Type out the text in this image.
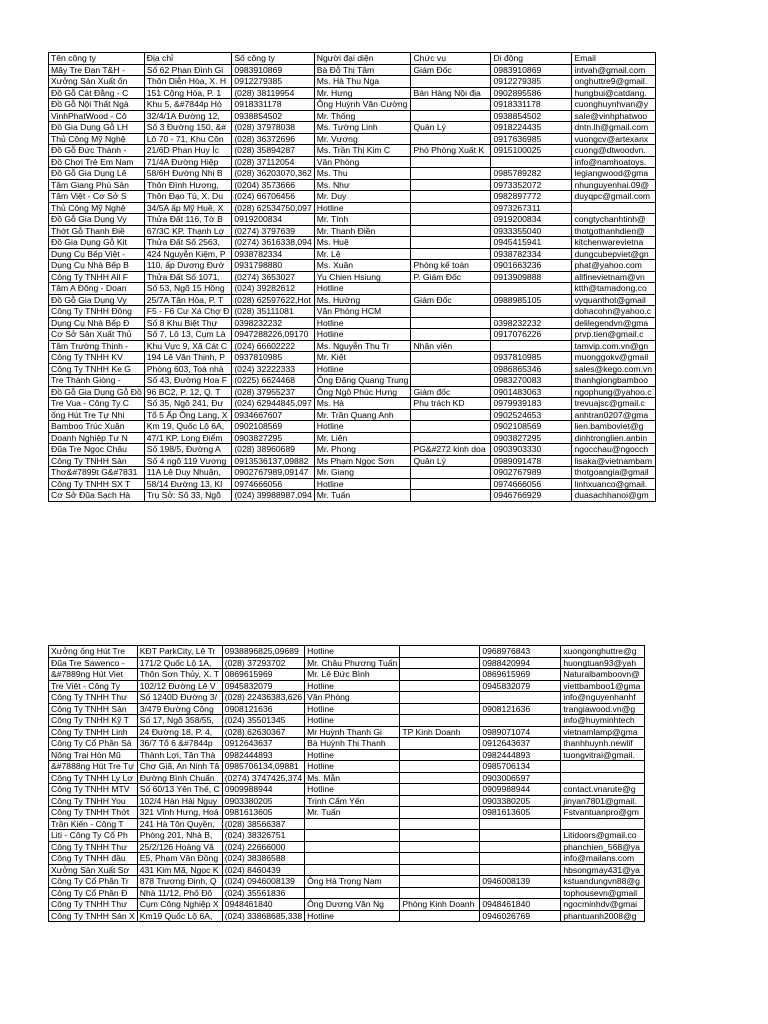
Tên công ty	Địa chỉ	Số công ty	Người đại diện	Chức vụ	Di động	Email
Mây Tre Đan T&H -	Số 62 Phan Đình Gi	0983910869	Bà Đỗ Thị Tâm	Giám Đốc	0983910869	intvah@gmail.com
Xưởng Sản Xuất ốn	Thôn Diễn Hòa, X. H	0912279385	Ms. Hà Thu Nga		0912279385	onghuttre9@gmail.
Đồ Gỗ Cát Đằng - C	151 Cộng Hòa, P. 1	(028) 38119954	Mr. Hưng	Bán Hàng Nội địa	0902895586	hungbui@catdang.
Đồ Gỗ Nội Thất Ngà	Khu 5, &#7844p Hò	0918331178	Ông Huỳnh Văn Cường		0918331178	cuonghuynhvan@y
VinhPhatWood - Cô	32/4/1A Đường 12,	0938854502	Mr. Thống		0938854502	sale@vinhphatwoo
Đồ Gia Dụng Gỗ LH	Số 3 Đường 150, &#	(028) 37978038	Ms. Tường Linh	Quản Lý	0918224435	dntn.lh@gmail.com
Thủ Công Mỹ Nghệ	Lô 70 - 71, Khu Côn	(028) 36372696	Mr. Vương		0917636985	vuongcv@artexanx
Đồ Gỗ Đức Thành -	21/6D Phan Huy Íc	(028) 35894287	Ms. Trần Thị Kim C	Phó Phòng Xuất K	0915100025	cuong@dtwoodvn.
Đồ Chơi Trẻ Em Nam	71/4A Đường Hiệp	(028) 37112054	Văn Phòng			info@namhoatoys.
Đồ Gỗ Gia Dụng Lê	58/6H Đường Nhị B	(028) 36203070,362	Ms. Thu		0985789282	legiangwood@gma
Tâm Giang Phú Sản	Thôn Đình Hương,	(0204) 3573666	Ms. Như		0973352072	nhunguyenhai.09@
Tâm Việt - Cơ Sở S	Thôn Đạo Tú, X. Du	(024) 66706456	Mr. Duy		0982897772	duyqpc@gmail.com
Thủ Công Mỹ Nghệ	34/5A ấp Mỹ Huề, X	(028) 62534750,097	Hotline		0973267311	
Đồ Gỗ Gia Dụng Vy	Thửa Đất 116, Tờ B	0919200834	Mr. Tính		0919200834	congtychanhtinh@
Thớt Gỗ Thanh Điề	67/3C KP. Thạnh Lợ	(0274) 3797639	Mr. Thanh Điền		0933355040	thotgothanhdien@
Đồ Gia Dụng Gỗ Kit	Thửa Đất Số 2563,	(0274) 3616338,094	Ms. Huệ		0945415941	kitchenwarevietna
Dụng Cụ Bếp Việt -	424 Nguyễn Kiệm, P	0938782334	Mr. Lệ		0938782334	dungcubepviet@gn
Dụng Cụ Nhà Bếp B	110, ấp Dương Đườ	0931798880	Ms. Xuân	Phòng kế toán	0901663236	phat@yahoo.com
Công Ty TNHH All F	Thửa Đất Số 1071,	(0274) 3653027	Yu Chien Hsiung	P. Giám Đốc	0913909888	allfinevietnam@vn
Tâm A Đông - Doan	Số 53, Ngõ 15 Hồng	(024) 39282612	Hotline			ktth@tamadong.co
Đồ Gỗ Gia Dụng Vy	25/7A Tân Hòa, P. T	(028) 62597622,Hot	Ms. Hường	Giám Đốc	0988985105	vyquanthot@gmail
Công Ty TNHH Đông	F5 - F6 Cư Xá Chợ Đ	(028) 35111081	Văn Phòng HCM			dohacohn@yahoo.c
Dụng Cụ Nhà Bếp Đ	Số 8 Khu Biệt Thự	0398232232	Hotline		0398232232	delilegendvn@gma
Cơ Sở Sản Xuất Thủ	Số 7, Lô 13, Cụm Là	0947288226,09170	Hotline		0917076226	prvp.tien@gmail.c
Tâm Trường Thịnh -	Khu Vực 9, Xã Cát C	(024) 66602222	Ms. Nguyễn Thu Tr	Nhân viên		tamvip.com.vn@gn
Công Ty TNHH KV	194 Lê Văn Thịnh, P	0937810985	Mr. Kiệt		0937810985	muonggokv@gmail
Công Ty TNHH Ke G	Phòng 603, Toà nhà	(024) 32222333	Hotline		0986865346	sales@kego.com.vn
Tre Thành Giòng -	Số 43, Đường Hoa F	(0225) 6624468	Ông Đặng Quang Trung		0983270083	thanhgiongbamboo
Đồ Gỗ Gia Dụng Gỗ Đồ	96 BC2, P. 12, Q. T	(028) 37955237	Ông Ngô Phúc Hưng	Giám đốc	0901483063	ngophung@yahoo.c
Tre Vua - Công Ty C	Số 35, Ngõ 241, Đư	(024) 62944845,097	Ms. Hà	Phụ trách KD	0979939183	trevuajsc@gmail.c
ống Hút Tre Tự Nhi	Tổ 5 Ấp Ông Lang, X	0934667607	Mr. Trần Quang Anh		0902524653	anhtran0207@gma
Bamboo Trúc Xuân	Km 19, Quốc Lộ 6A,	0902108569	Hotline		0902108569	lien.bamboviet@g
Doanh Nghiệp Tư N	47/1 KP. Long Điểm	0903827295	Mr. Liên		0903827295	dinhtronglien.anbin
Đũa Tre Ngọc Châu	Số 198/5, Đường A	(028) 38960689	Mr. Phong	PG&#272 kinh doa	0903903330	ngocchau@ngocch
Công Ty TNHH Sản	Số 4 ngõ 119 Vương	0913536137,09882	Ms Phạm Ngọc Sơn	Quản Lý	0989091478	lisaka@vietnambam
Thơ&#7899t G&#7831	11A Lê Duy Nhuận,	0902767989,09147	Mr. Giang		0902767989	thotgoangia@gmail
Công Ty TNHH SX T	58/14 Đường 13, Kl	0974666056	Hotline		0974666056	linhxuanco@gmail.
Cơ Sở Đũa Sạch Hà	Trụ Sở: Số 33, Ngõ	(024) 39988987,094	Mr. Tuấn		0946766929	duasachhanoi@gm
Xưởng ống Hút Tre	KĐT ParkCity, Lê Tr	0938896825,09689	Hotline		0968976843	xuongonghuttre@g
Đũa Tre Sawenco -	171/2 Quốc Lộ 1A,	(028) 37293702	Mr. Châu Phương Tuấn		0988420994	huongtuan93@yah
&#7889ng Hút Viet	Thôn Sơn Thủy, X. T	0869615969	Mr. Lê Đức Bình		0869615969	Naturalbamboovn@
Tre Việt - Công Ty	102/12 Đường Lê V	0945832079	Hotline		0945832079	viettbamboo1@gma
Công Ty TNHH Thư	Số 1240D Đường 3/	(028) 22436383,626	Văn Phòng			info@nguyenhanhf
Công Ty TNHH Sản	3/479 Đường Công	0908121636	Hotline		0908121636	trangiawood.vn@g
Công Ty TNHH Kỹ T	Số 17, Ngõ 358/55,	(024) 35501345	Hotline			info@huyminhtech
Công Ty TNHH Linh	24 Đường 18, P. 4,	(028) 62630367	Mr Huỳnh Thanh Gi	TP Kinh Doanh	0989071074	vietnamlamp@gma
Công Ty Cổ Phần Sả	36/7 Tổ 6 &#7844p	0912643637	Bà Huỳnh Thị Thanh		0912643637	thanhhuynh.newlif
Nông Trại Hòn Mũ	Thành Lợi, Tân Thà	0982444893	Hotline		0982444893	tuongvitrai@gmail.
&#7888ng Hút Tre Tự	Chợ Giã, An Ninh Tâ	0985706134,09881	Hotline		0985706134	
Công Ty TNHH Ly Lơ	Đường Bình Chuẩn	(0274) 3747425,374	Ms. Mẫn		0903006597	
Công Ty TNHH MTV	Số 60/13 Yên Thế, C	0909988944	Hotline		0909988944	contact.vnarute@g
Công Ty TNHH You	102/4 Hàn Hải Nguy	0903380205	Trịnh Cẩm Yến		0903380205	jinyan7801@gmail.
Công Ty TNHH Thớt	321 Vĩnh Hưng, Hoả	0981613605	Mr. Tuấn		0981613605	Fstvantuanpro@gm
Trần Kiến - Công T	241 Hà Tôn Quyền,	(028) 38566387				
Liti - Công Ty Cổ Ph	Phòng 201, Nhà B,	(024) 38326751				Litidoors@gmail.co
Công Ty TNHH Thư	25/2/126 Hoàng Vă	(024) 22666000				phanchien_568@ya
Công Ty TNHH đầu	E5, Phạm Văn Đồng	(024) 38386588				info@mailans.com
Xưởng Sản Xuất Sơ	431 Kim Mã, Ngọc K	(024) 8460439				hbsongmay431@ya
Công Ty Cổ Phần Tr	878 Trương Định, Q	(024) 0946008139	Ông Hà Trọng Nam		0946008139	kstuandungvn88@g
Công Ty Cổ Phần Đ	Nhà 11/12, Phố Đô	(024) 35561836				tophousevn@gmail
Công Ty TNHH Thư	Cụm Công Nghiệp X	0948461840	Ông Dương Văn Ng	Phòng Kinh Doanh	0948461840	ngocminhdv@gmai
Công Ty TNHH Sản X	Km19 Quốc Lộ 6A,	(024) 33868685,338	Hotline		0946026769	phantuanh2008@g
